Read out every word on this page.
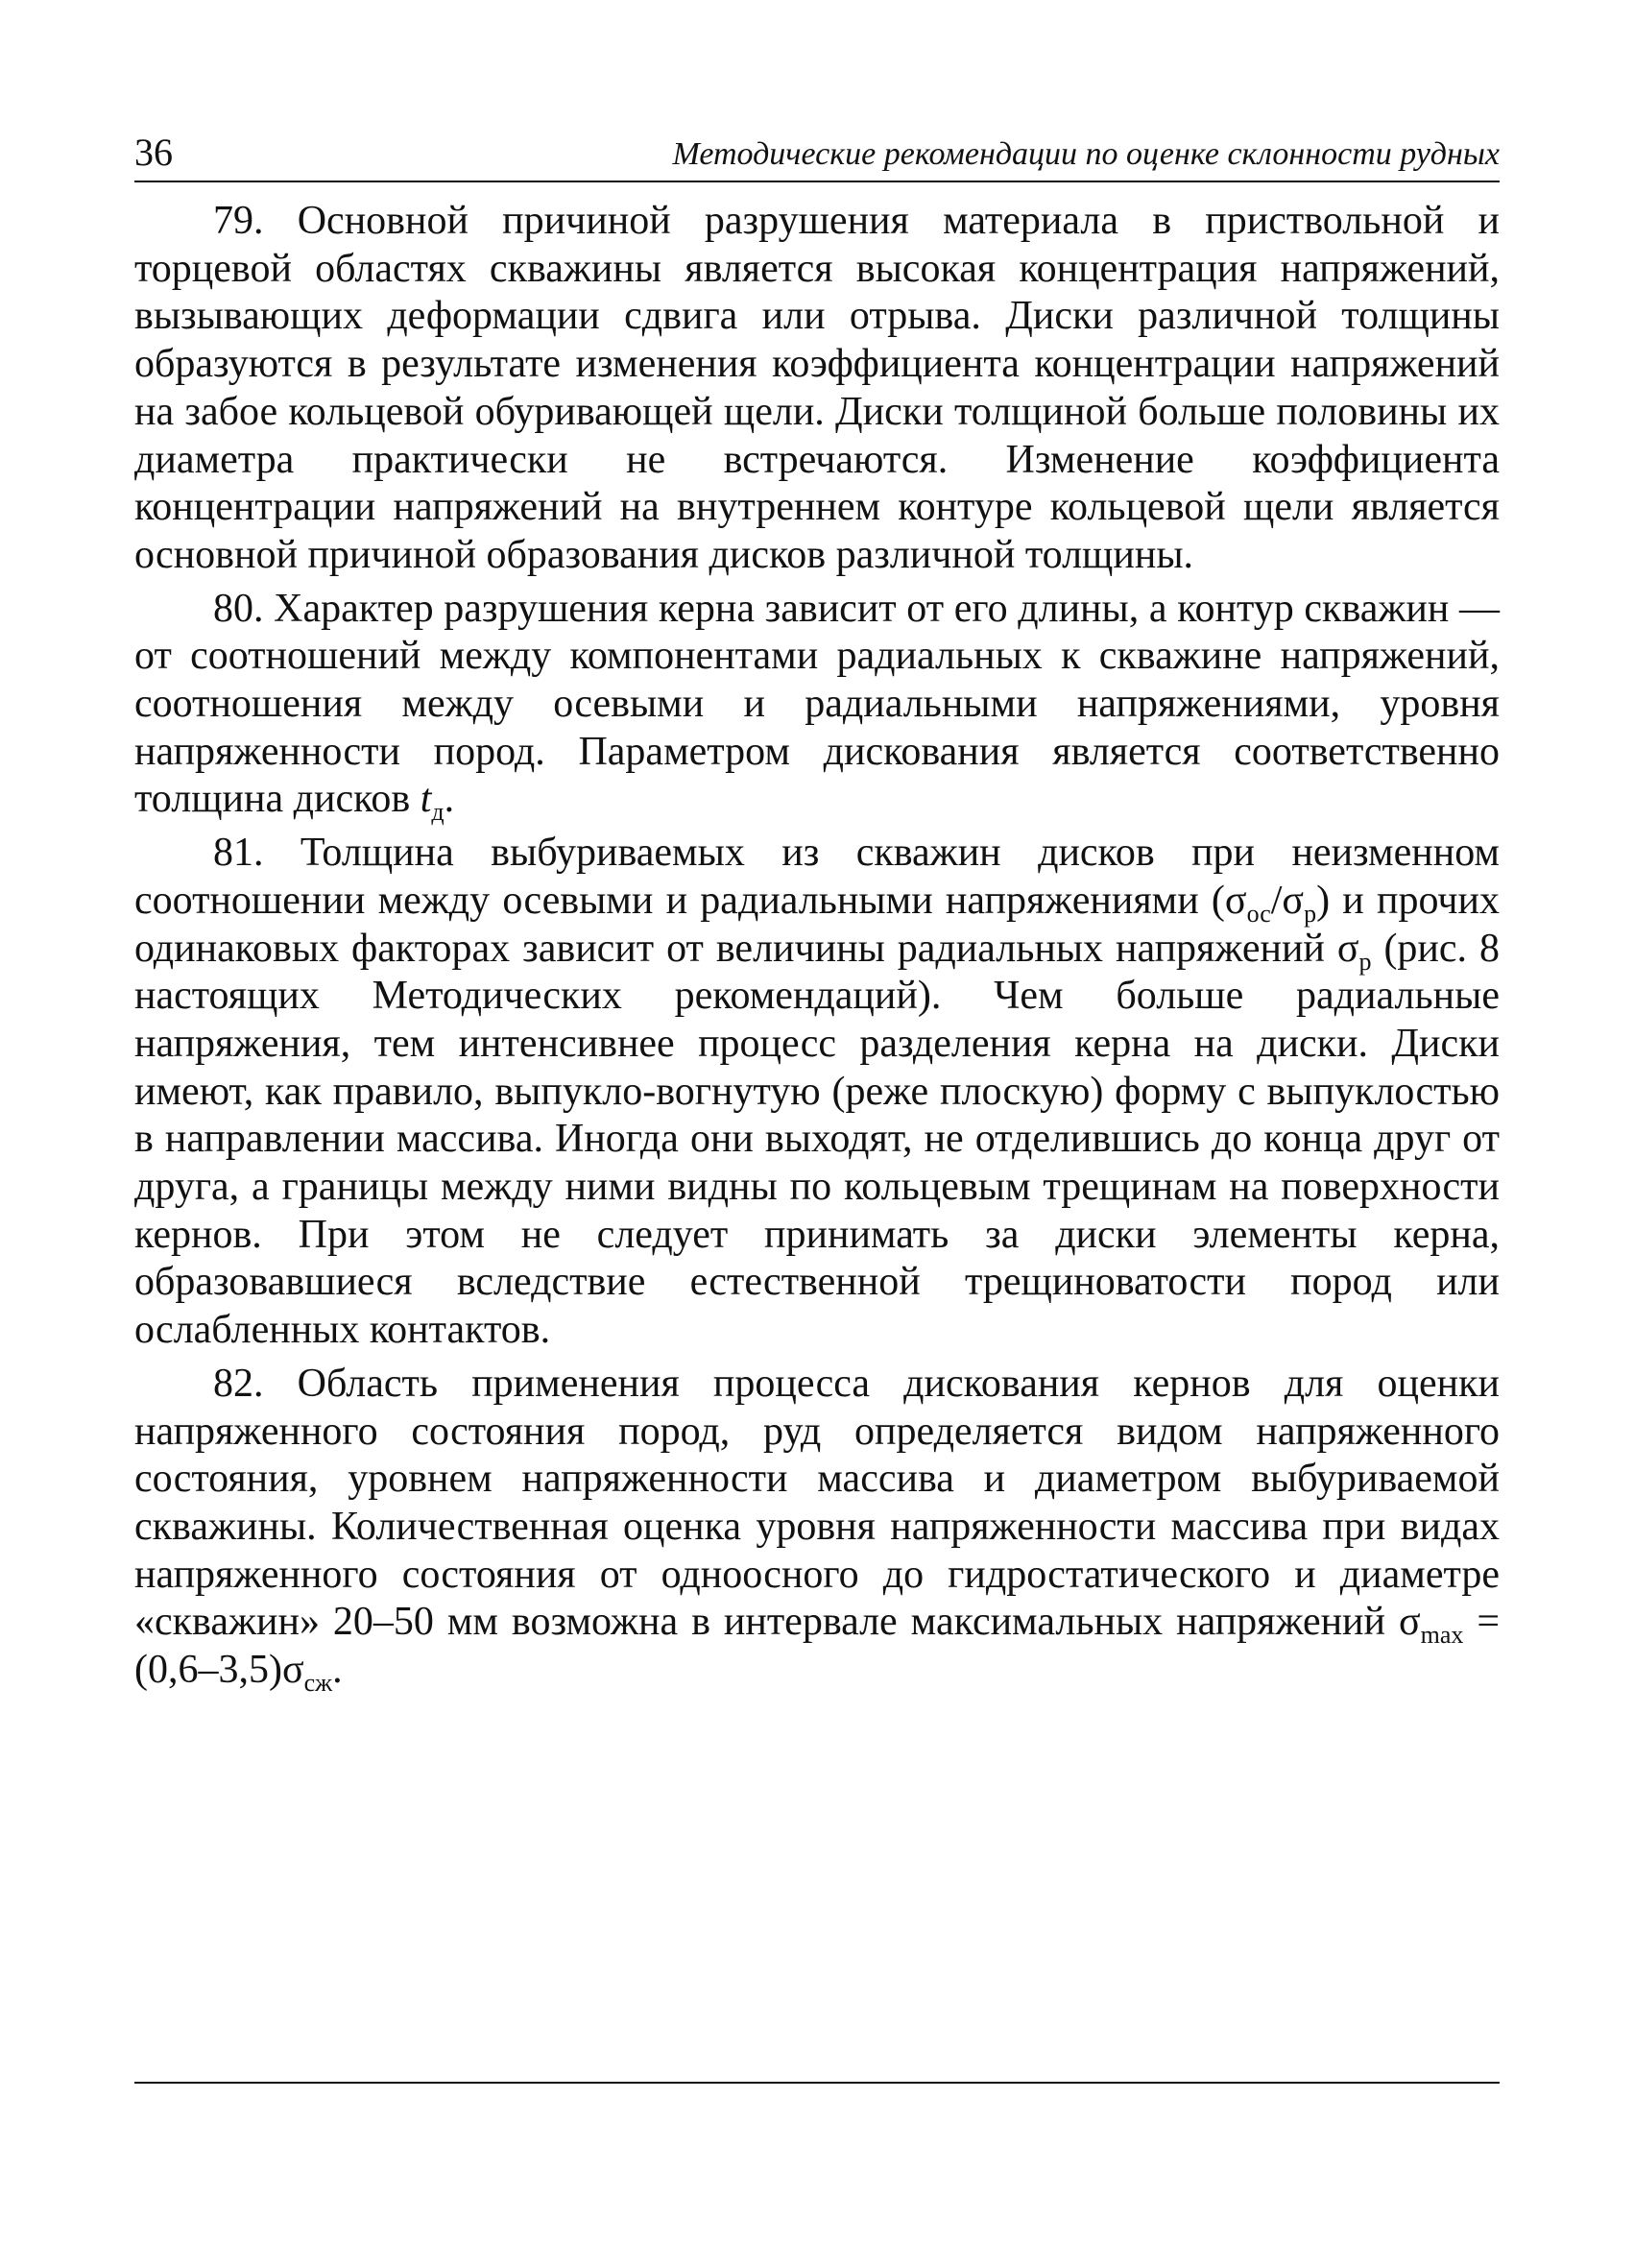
36	Методические рекомендации по оценке склонности рудных

79. Основной причиной разрушения материала в приствольной и торцевой областях скважины является высокая концентрация напряжений, вызывающих деформации сдвига или отрыва. Диски различной толщины образуются в результате изменения коэффициента концентрации напряжений на забое кольцевой обуривающей щели. Диски толщиной больше половины их диаметра практически не встречаются. Изменение коэффициента концентрации напряжений на внутреннем контуре кольцевой щели является основной причиной образования дисков различной толщины.

80. Характер разрушения керна зависит от его длины, а контур скважин — от соотношений между компонентами радиальных к скважине напряжений, соотношения между осевыми и радиальными напряжениями, уровня напряженности пород. Параметром дискования является соответственно толщина дисков $t_д$.

81. Толщина выбуриваемых из скважин дисков при неизменном соотношении между осевыми и радиальными напряжениями $(\sigma_{ос}/\sigma_р)$ и прочих одинаковых факторах зависит от величины радиальных напряжений $\sigma_р$ (рис. 8 настоящих Методических рекомендаций). Чем больше радиальные напряжения, тем интенсивнее процесс разделения керна на диски. Диски имеют, как правило, выпукло-вогнутую (реже плоскую) форму с выпуклостью в направлении массива. Иногда они выходят, не отделившись до конца друг от друга, а границы между ними видны по кольцевым трещинам на поверхности кернов. При этом не следует принимать за диски элементы керна, образовавшиеся вследствие естественной трещиноватости пород или ослабленных контактов.

82. Область применения процесса дискования кернов для оценки напряженного состояния пород, руд определяется видом напряженного состояния, уровнем напряженности массива и диаметром выбуриваемой скважины. Количественная оценка уровня напряженности массива при видах напряженного состояния от одноосного до гидростатического и диаметре «скважин» 20–50 мм возможна в интервале максимальных напряжений $\sigma_{max} = (0,6-3,5)\sigma_{сж}$.
